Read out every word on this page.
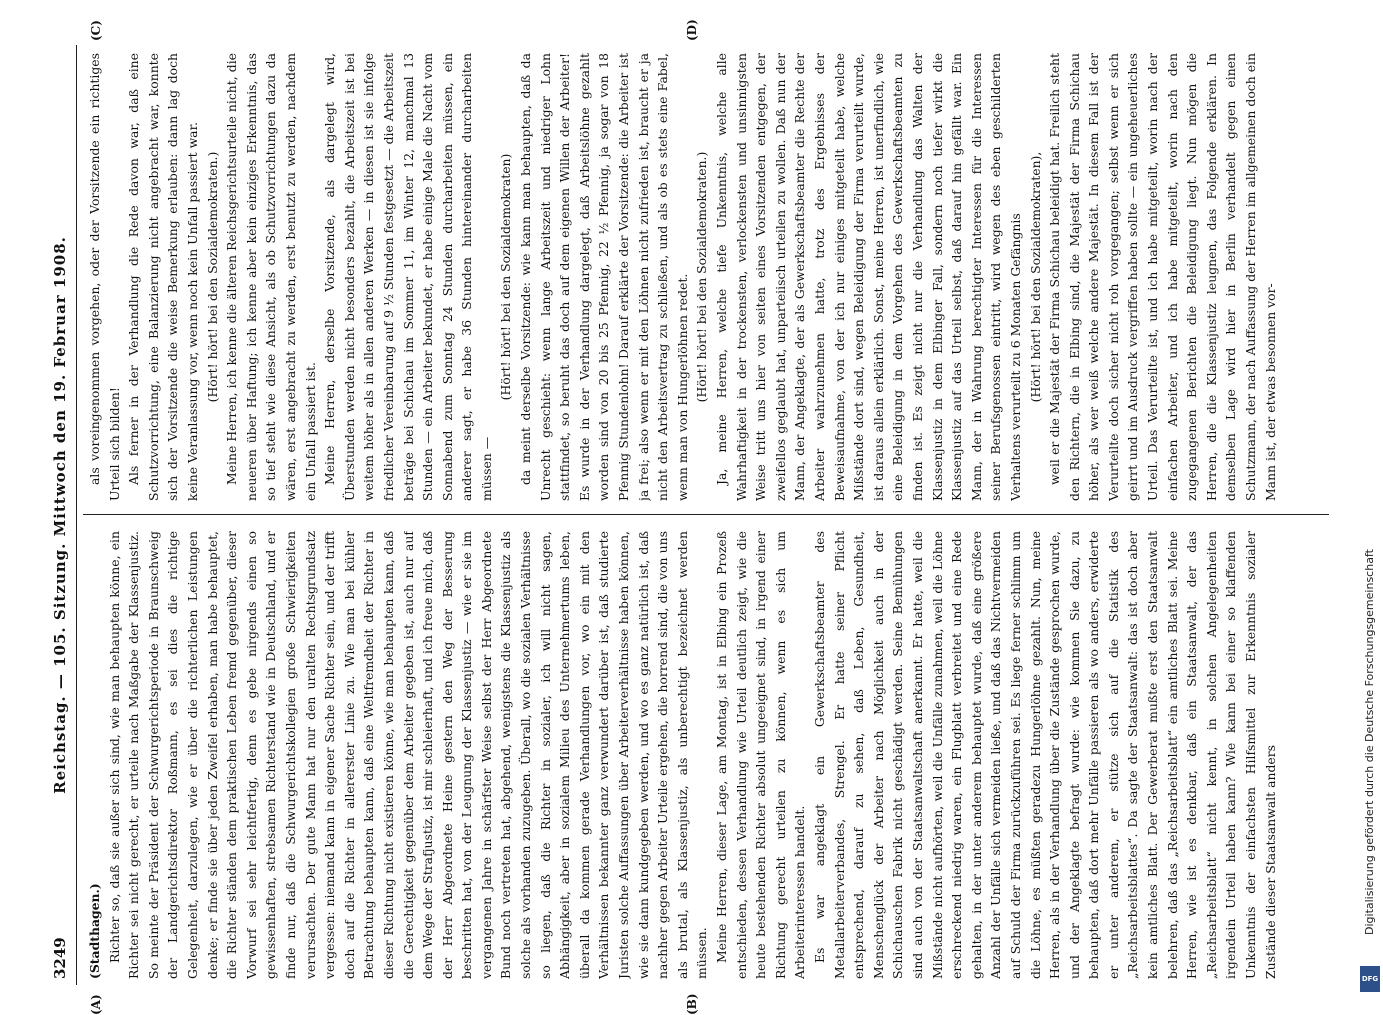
3249
Reichstag. — 105. Sitzung. Mittwoch den 19. Februar 1908.

(Stadthagen.) Richter so, daß sie außer sich sind, wie man behaupten könne, ein Richter sei nicht gerecht, er urteile nach Maßgabe der Klassenjustiz. So meinte der Präsident der Schwurgerichtsperiode in Braunschweig der Landgerichtsdirektor Roßmann, es sei dies die richtige Gelegenheit, darzulegen, wie er über die richterlichen Leistungen denke; er finde sie über jeden Zweifel erhaben, man habe behauptet, die Richter ständen dem praktischen Leben fremd gegenüber, dieser Vorwurf sei sehr leichtfertig, denn es gebe nirgends einen so gewissenhaften, strebsamen Richterstand wie in Deutschland, und er finde nur, daß die Schwurgerichtskollegien große Schwierigkeiten verursachten. Der gute Mann hat nur den uralten Rechtsgrundsatz vergessen: niemand kann in eigener Sache Richter sein, und der trifft doch auf die Richter in allererster Linie zu. Wie man bei kühler Betrachtung behaupten kann, daß eine Weltfremdheit der Richter in dieser Richtung nicht existieren könne, wie man behaupten kann, daß die Gerechtigkeit gegenüber dem Arbeiter gegeben ist, auch nur auf dem Wege der Strafjustiz, ist mir schleierhaft, und ich freue mich, daß der Herr Abgeordnete Heine gestern den Weg der Besserung beschritten hat, von der Leugnung der Klassenjustiz — wie er sie im vergangenen Jahre in schärfster Weise selbst der Herr Abgeordnete Bund noch vertreten hat, abgehend, wenigstens die Klassenjustiz als solche als vorhanden zuzugeben. Überall, wo die sozialen Verhältnisse so liegen, daß die Richter in sozialer, ich will nicht sagen, Abhängigkeit, aber in sozialem Milieu des Unternehmertums leben, überall da kommen gerade Verhandlungen vor, wo ein mit den Verhältnissen bekannter ganz verwundert darüber ist, daß studierte Juristen solche Auffassungen über Arbeiterverhältnisse haben können, wie sie dann kundgegeben werden, und wo es ganz natürlich ist, daß nachher gegen Arbeiter Urteile ergehen, die horrend sind, die von uns als brutal, als Klassenjustiz, als unberechtigt bezeichnet werden müssen. Meine Herren, dieser Lage, am Montag, ist in Elbing ein Prozeß entschieden, dessen Verhandlung wie Urteil deutlich zeigt, wie die heute bestehenden Richter absolut ungeeignet sind, in irgend einer Richtung gerecht urteilen zu können, wenn es sich um Arbeiterinteressen handelt. Es war angeklagt ein Gewerkschaftsbeamter des Metallarbeiterverbandes, Strengel. Er hatte seiner Pflicht entsprechend, darauf zu sehen, daß Leben, Gesundheit, Menschenglück der Arbeiter nach Möglichkeit auch in der Schichauschen Fabrik nicht geschädigt werden. Seine Bemühungen sind auch von der Staatsanwaltschaft anerkannt. Er hatte, weil die Mißstände nicht aufhörten, weil die Unfälle zunahmen, weil die Löhne erschreckend niedrig waren, ein Flugblatt verbreitet und eine Rede gehalten, in der unter anderem behauptet wurde, daß eine größere Anzahl der Unfälle sich vermeiden ließe, und daß das Nichtvermeiden auf Schuld der Firma zurückzuführen sei. Es liege ferner schlimm um die Löhne, es müßten geradezu Hungerlöhne gezahlt. Nun, meine Herren, als in der Verhandlung über die Zustände gesprochen wurde, und der Angeklagte befragt wurde: wie kommen Sie dazu, zu behaupten, daß dort mehr Unfälle passieren als wo anders, erwiderte er unter anderem, er stütze sich auf die Statistik des „Reichsarbeitsblattes“. Da sagte der Staatsanwalt: das ist doch aber kein amtliches Blatt. Der Gewerberat mußte erst den Staatsanwalt belehren, daß das „Reichsarbeitsblatt“ ein amtliches Blatt sei. Meine Herren, wie ist es denkbar, daß ein Staatsanwalt, der das „Reichsarbeitsblatt“ nicht kennt, in solchen Angelegenheiten irgendein Urteil haben kann? Wie kann bei einer so klaffenden Unkenntnis der einfachsten Hilfsmittel zur Erkenntnis sozialer Zustände dieser Staatsanwalt anders

als voreingenommen vorgehen, oder der Vorsitzende ein richtiges Urteil sich bilden! Als ferner in der Verhandlung die Rede davon war, daß eine Schutzvorrichtung, eine Balanzierung nicht angebracht war, konnte sich der Vorsitzende die weise Bemerkung erlauben: dann lag doch keine Veranlassung vor, wenn noch kein Unfall passiert war. (Hört! hört! bei den Sozialdemokraten.) Meine Herren, ich kenne die älteren Reichsgerichtsurteile nicht, die neueren über Haftung; ich kenne aber kein einziges Erkenntnis, das so tief steht wie diese Ansicht, als ob Schutzvorrichtungen dazu da wären, erst angebracht zu werden, erst benutzt zu werden, nachdem ein Unfall passiert ist. Meine Herren, derselbe Vorsitzende, als dargelegt wird, Überstunden werden nicht besonders bezahlt, die Arbeitszeit ist bei weitem höher als in allen anderen Werken — in diesen ist sie infolge friedlicher Vereinbarung auf 9 ½ Stunden festgesetzt — die Arbeitszeit beträge bei Schichau im Sommer 11, im Winter 12, manchmal 13 Stunden — ein Arbeiter bekundet, er habe einige Male die Nacht vom Sonnabend zum Sonntag 24 Stunden durcharbeiten müssen, ein anderer sagt, er habe 36 Stunden hintereinander durcharbeiten müssen —

(Hört! hört! bei den Sozialdemokraten) da meint derselbe Vorsitzende: wie kann man behaupten, daß da Unrecht geschieht: wenn lange Arbeitszeit und niedriger Lohn stattfindet, so beruht das doch auf dem eigenen Willen der Arbeiter! Es wurde in der Verhandlung dargelegt, daß Arbeitslöhne gezahlt worden sind von 20 bis 25 Pfennig, 22 ½ Pfennig, ja sogar von 18 Pfennig Stundenlohn! Darauf erklärte der Vorsitzende: die Arbeiter ist ja frei; also wenn er mit den Löhnen nicht zufrieden ist, braucht er ja nicht den Arbeitsvertrag zu schließen, und als ob es stets eine Fabel, wenn man von Hungerlöhnen redet. (Hört! hört! bei den Sozialdemokraten.) Ja, meine Herren, welche tiefe Unkenntnis, welche alle Wahrhaftigkeit in der trockensten, verlockensten und unsinnigsten Weise tritt uns hier von seiten eines Vorsitzenden entgegen, der zweifellos geglaubt hat, unparteiisch urteilen zu wollen. Daß nun der Mann, der Angeklagte, der als Gewerkschaftsbeamter die Rechte der Arbeiter wahrzunehmen hatte, trotz des Ergebnisses der Beweisaufnahme, von der ich nur einiges mitgeteilt habe, welche Mißstände dort sind, wegen Beleidigung der Firma verurteilt wurde, ist daraus allein erklärlich. Sonst, meine Herren, ist unerfindlich, wie eine Beleidigung in dem Vorgehen des Gewerkschaftsbeamten zu finden ist. Es zeigt nicht nur die Verhandlung das Walten der Klassenjustiz in dem Elbinger Fall, sondern noch tiefer wirkt die Klassenjustiz auf das Urteil selbst, daß darauf hin gefällt war. Ein Mann, der in Wahrung berechtigter Interessen für die Interessen seiner Berufsgenossen eintritt, wird wegen des eben geschilderten Verhaltens verurteilt zu 6 Monaten Gefängnis (Hört! hört! bei den Sozialdemokraten), weil er die Majestät der Firma Schichau beleidigt hat. Freilich steht den Richtern, die in Elbing sind, die Majestät der Firma Schichau höher, als wer weiß welche andere Majestät. In diesem Fall ist der Verurteilte doch sicher nicht roh vorgegangen; selbst wenn er sich geirrt und im Ausdruck vergriffen haben sollte — ein ungeheuerliches Urteil. Das Verurteilte ist, und ich habe mitgeteilt, worin nach der einfachen Arbeiter, und ich habe mitgeteilt, worin nach den zugegangenen Berichten die Beleidigung liegt. Nun mögen die Herren, die die Klassenjustiz leugnen, das Folgende erklären. In demselben Lage wird hier in Berlin verhandelt gegen einen Schutzmann, der nach Auffassung der Herren im allgemeinen doch ein Mann ist, der etwas besonnen vor-

(A)	(B)
(C)	(D)
Digitalisierung gefördert durch die Deutsche Forschungsgemeinschaft
DFG
